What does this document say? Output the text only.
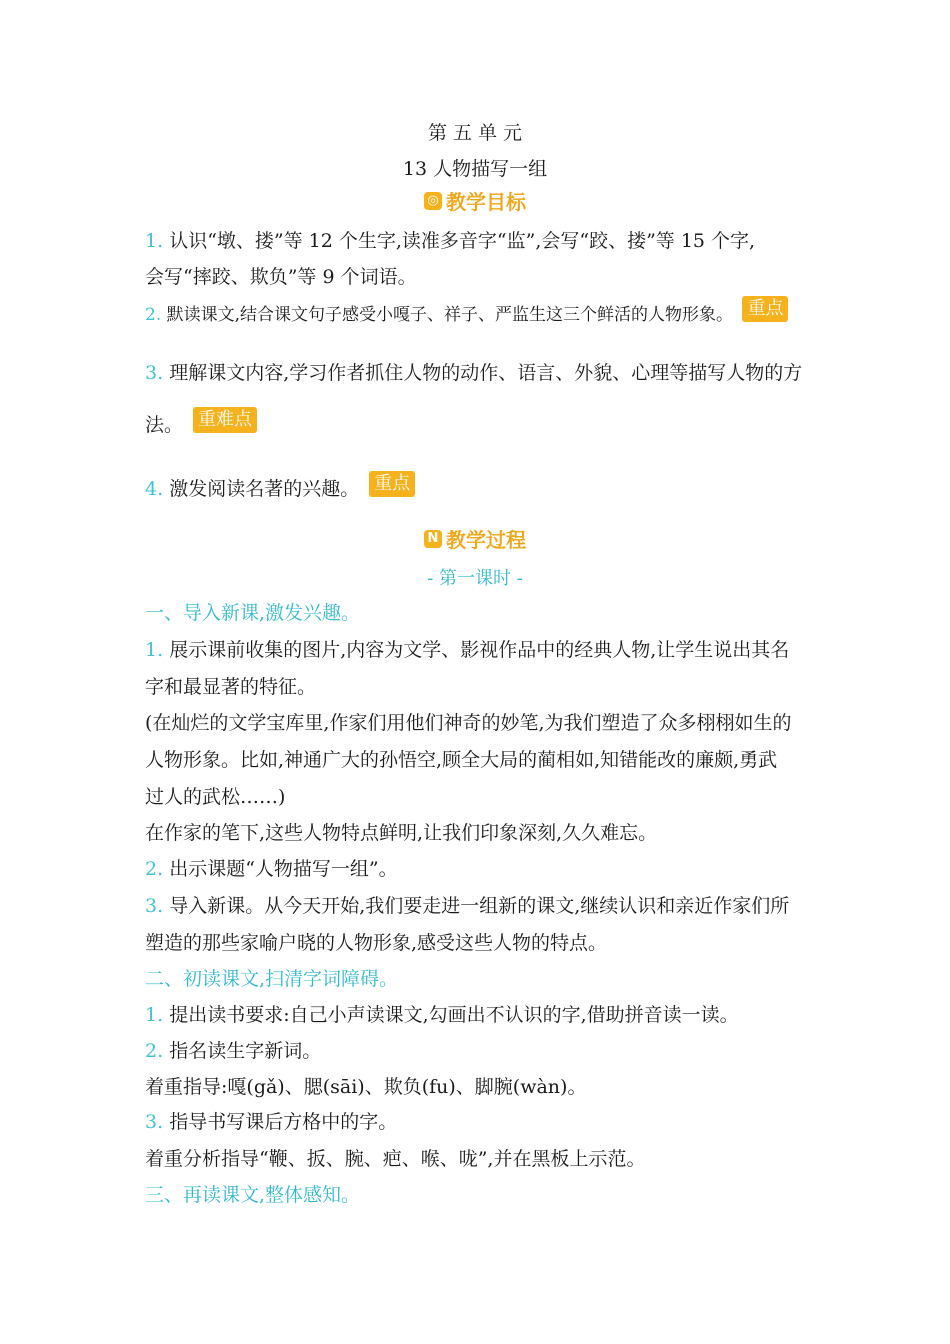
第 五 单 元
13 人物描写一组
◎ 教学目标
1. 认识“墩、搂”等 12 个生字,读准多音字“监”,会写“跤、搂”等 15 个字,
会写“摔跤、欺负”等 9 个词语。
2. 默读课文,结合课文句子感受小嘎子、祥子、严监生这三个鲜活的人物形象。 重点
3. 理解课文内容,学习作者抓住人物的动作、语言、外貌、心理等描写人物的方
法。 重难点
4. 激发阅读名著的兴趣。 重点
N 教学过程
- 第一课时 -
一、导入新课,激发兴趣。
1. 展示课前收集的图片,内容为文学、影视作品中的经典人物,让学生说出其名
字和最显著的特征。
(在灿烂的文学宝库里,作家们用他们神奇的妙笔,为我们塑造了众多栩栩如生的
人物形象。比如,神通广大的孙悟空,顾全大局的蔺相如,知错能改的廉颇,勇武
过人的武松……)
在作家的笔下,这些人物特点鲜明,让我们印象深刻,久久难忘。
2. 出示课题“人物描写一组”。
3. 导入新课。从今天开始,我们要走进一组新的课文,继续认识和亲近作家们所
塑造的那些家喻户晓的人物形象,感受这些人物的特点。
二、初读课文,扫清字词障碍。
1. 提出读书要求:自己小声读课文,勾画出不认识的字,借助拼音读一读。
2. 指名读生字新词。
着重指导:嘎(gǎ)、腮(sāi)、欺负(fu)、脚腕(wàn)。
3. 指导书写课后方格中的字。
着重分析指导“鞭、扳、腕、疤、喉、咙”,并在黑板上示范。
三、再读课文,整体感知。
